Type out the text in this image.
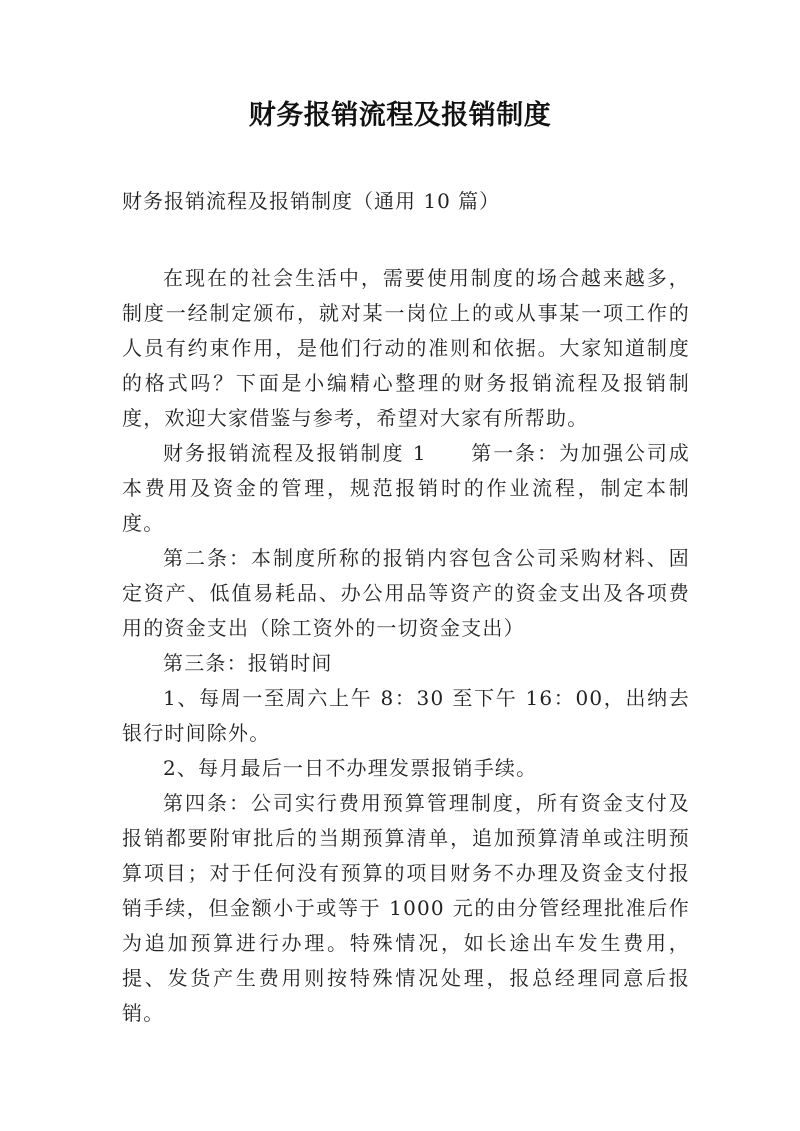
财务报销流程及报销制度
财务报销流程及报销制度（通用 10 篇）

在现在的社会生活中，需要使用制度的场合越来越多，制度一经制定颁布，就对某一岗位上的或从事某一项工作的人员有约束作用，是他们行动的准则和依据。大家知道制度的格式吗？下面是小编精心整理的财务报销流程及报销制度，欢迎大家借鉴与参考，希望对大家有所帮助。

财务报销流程及报销制度 1　　第一条：为加强公司成本费用及资金的管理，规范报销时的作业流程，制定本制度。

第二条：本制度所称的报销内容包含公司采购材料、固定资产、低值易耗品、办公用品等资产的资金支出及各项费用的资金支出（除工资外的一切资金支出）

第三条：报销时间

1、每周一至周六上午 8：30 至下午 16：00，出纳去银行时间除外。

2、每月最后一日不办理发票报销手续。

第四条：公司实行费用预算管理制度，所有资金支付及报销都要附审批后的当期预算清单，追加预算清单或注明预算项目；对于任何没有预算的项目财务不办理及资金支付报销手续，但金额小于或等于 1000 元的由分管经理批准后作为追加预算进行办理。特殊情况，如长途出车发生费用，提、发货产生费用则按特殊情况处理，报总经理同意后报销。
